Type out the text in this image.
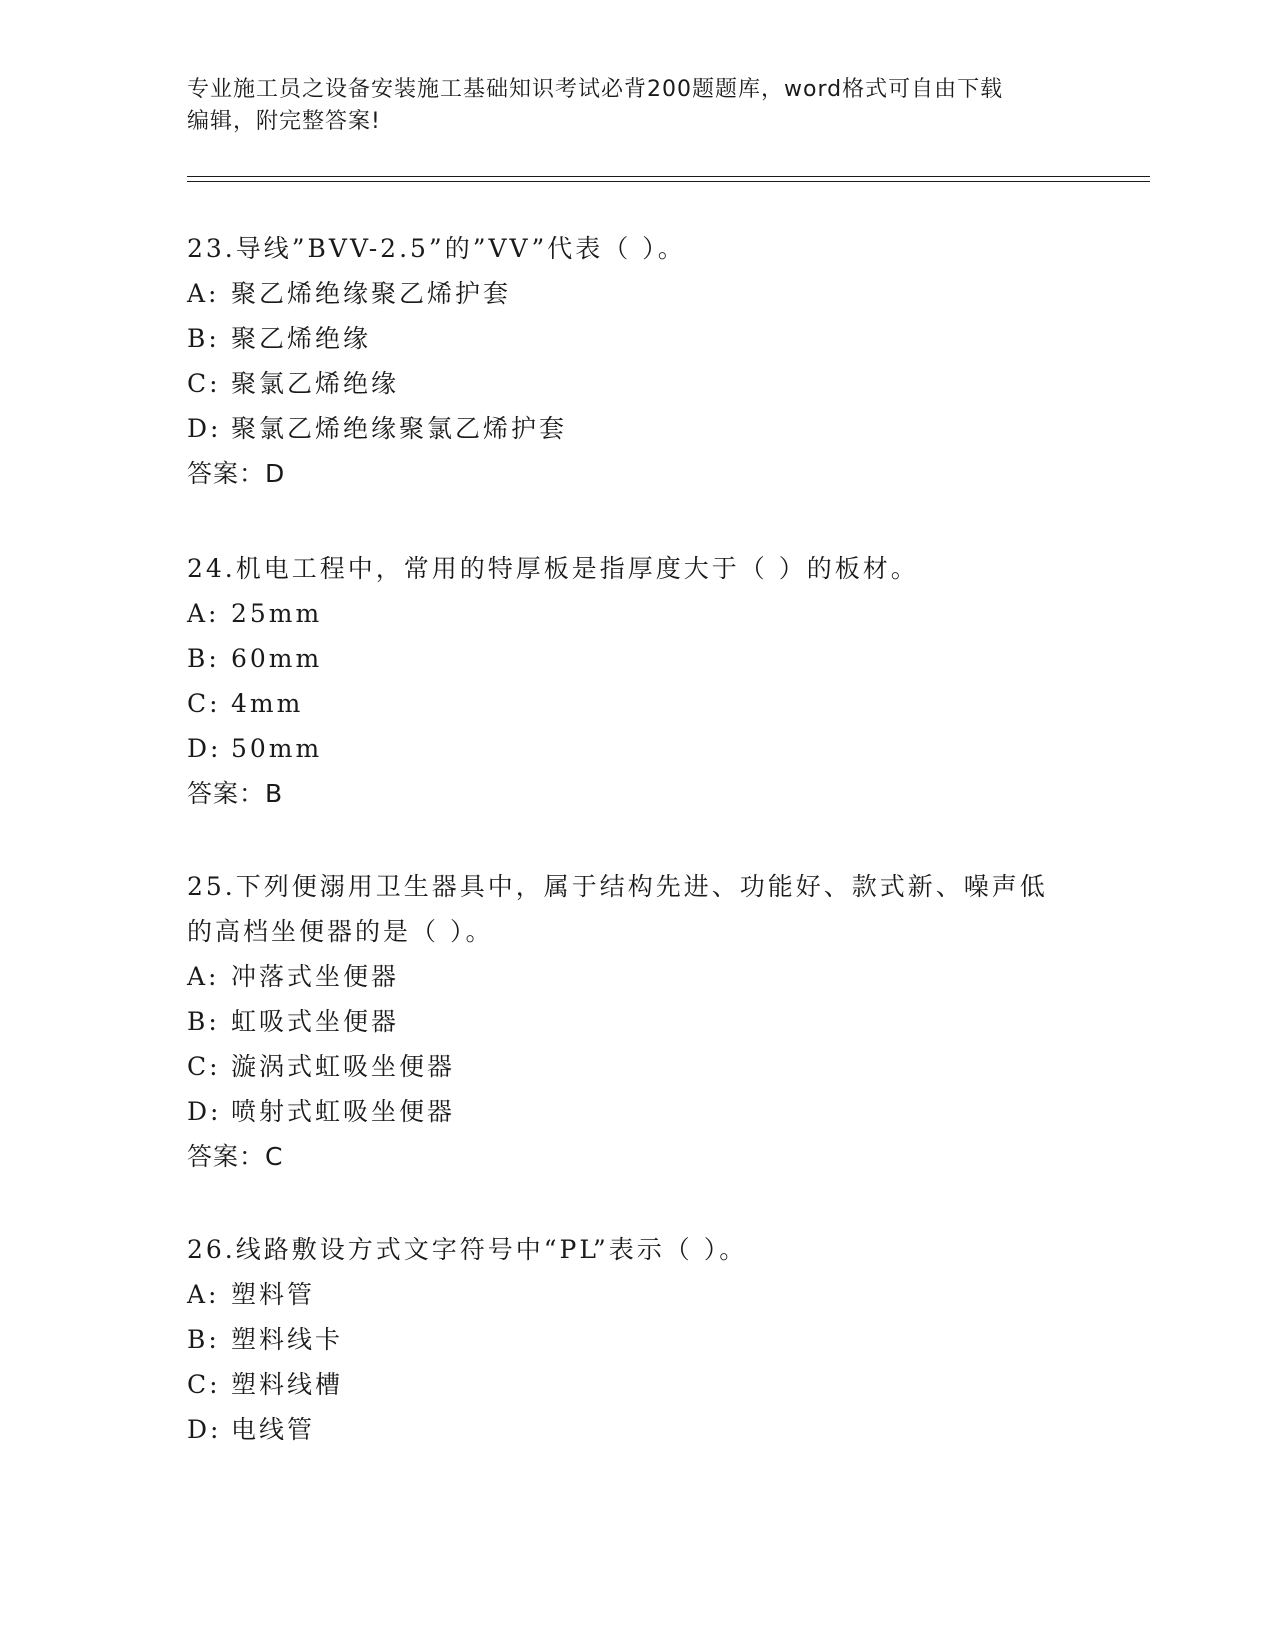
专业施工员之设备安装施工基础知识考试必背200题题库，word格式可自由下载
编辑，附完整答案!

23.导线”BVV-2.5”的”VV”代表（ ）。

A: 聚乙烯绝缘聚乙烯护套

B: 聚乙烯绝缘

C: 聚氯乙烯绝缘

D: 聚氯乙烯绝缘聚氯乙烯护套

答案：D

24.机电工程中，常用的特厚板是指厚度大于（ ）的板材。

A: 25mm

B: 60mm

C: 4mm

D: 50mm

答案：B

25.下列便溺用卫生器具中，属于结构先进、功能好、款式新、噪声低

的高档坐便器的是（ ）。

A: 冲落式坐便器

B: 虹吸式坐便器

C: 漩涡式虹吸坐便器

D: 喷射式虹吸坐便器

答案：C

26.线路敷设方式文字符号中“PL”表示（ ）。

A: 塑料管

B: 塑料线卡

C: 塑料线槽

D: 电线管
